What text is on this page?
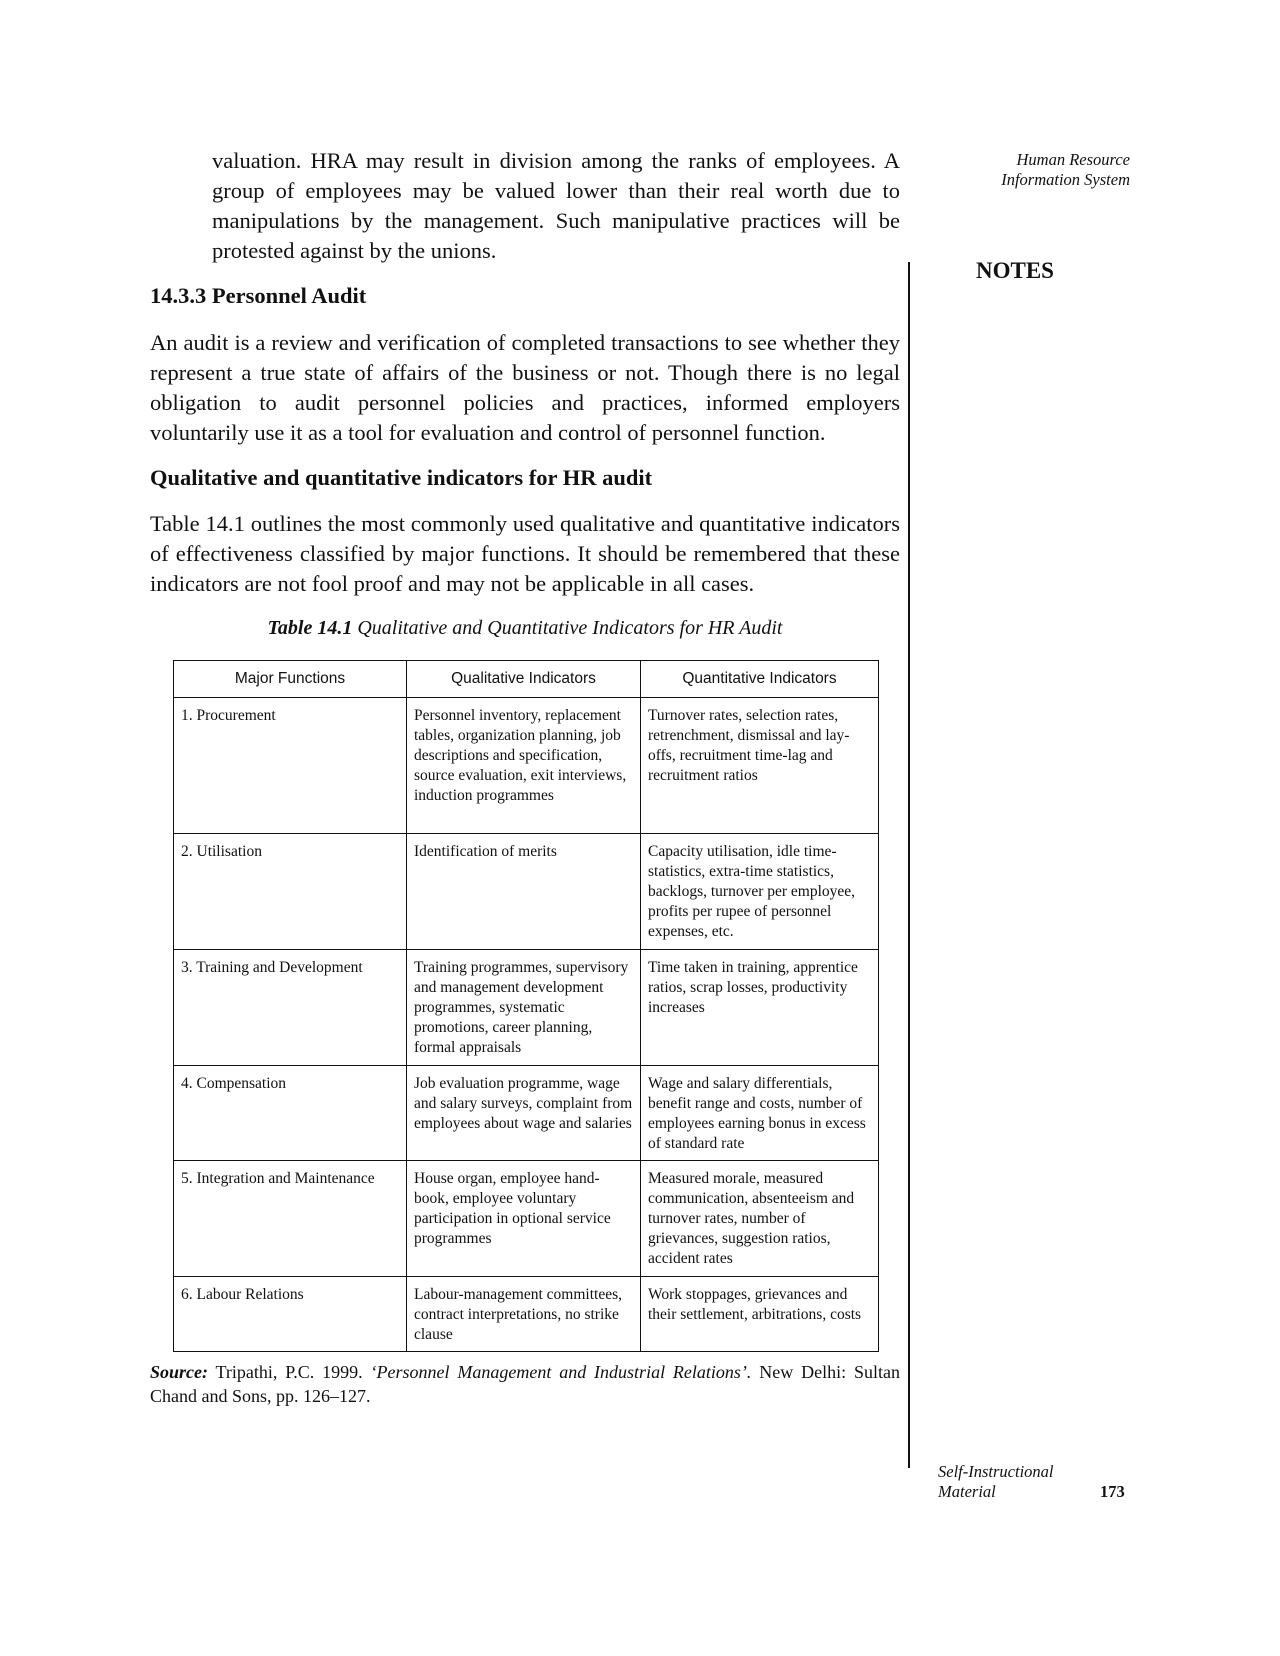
Human Resource
Information System
NOTES
Self-Instructional
Material	173

valuation. HRA may result in division among the ranks of employees. A group of employees may be valued lower than their real worth due to manipulations by the management. Such manipulative practices will be protested against by the unions.

14.3.3 Personnel Audit

An audit is a review and verification of completed transactions to see whether they represent a true state of affairs of the business or not. Though there is no legal obligation to audit personnel policies and practices, informed employers voluntarily use it as a tool for evaluation and control of personnel function.

Qualitative and quantitative indicators for HR audit

Table 14.1 outlines the most commonly used qualitative and quantitative indicators of effectiveness classified by major functions. It should be remembered that these indicators are not fool proof and may not be applicable in all cases.

Table 14.1 Qualitative and Quantitative Indicators for HR Audit
Major Functions	Qualitative Indicators	Quantitative Indicators
1. Procurement	Personnel inventory, replacement tables, organization planning, job descriptions and specification, source evaluation, exit interviews, induction programmes	Turnover rates, selection rates, retrenchment, dismissal and lay-offs, recruitment time-lag and recruitment ratios
2. Utilisation	Identification of merits	Capacity utilisation, idle time-statistics, extra-time statistics, backlogs, turnover per employee, profits per rupee of personnel expenses, etc.
3. Training and Development	Training programmes, supervisory and management development programmes, systematic promotions, career planning, formal appraisals	Time taken in training, apprentice ratios, scrap losses, productivity increases
4. Compensation	Job evaluation programme, wage and salary surveys, complaint from employees about wage and salaries	Wage and salary differentials, benefit range and costs, number of employees earning bonus in excess of standard rate
5. Integration and Maintenance	House organ, employee hand-book, employee voluntary participation in optional service programmes	Measured morale, measured communication, absenteeism and turnover rates, number of grievances, suggestion ratios, accident rates
6. Labour Relations	Labour-management committees, contract interpretations, no strike clause	Work stoppages, grievances and their settlement, arbitrations, costs

Source: Tripathi, P.C. 1999. ‘Personnel Management and Industrial Relations’. New Delhi: Sultan Chand and Sons, pp. 126–127.
